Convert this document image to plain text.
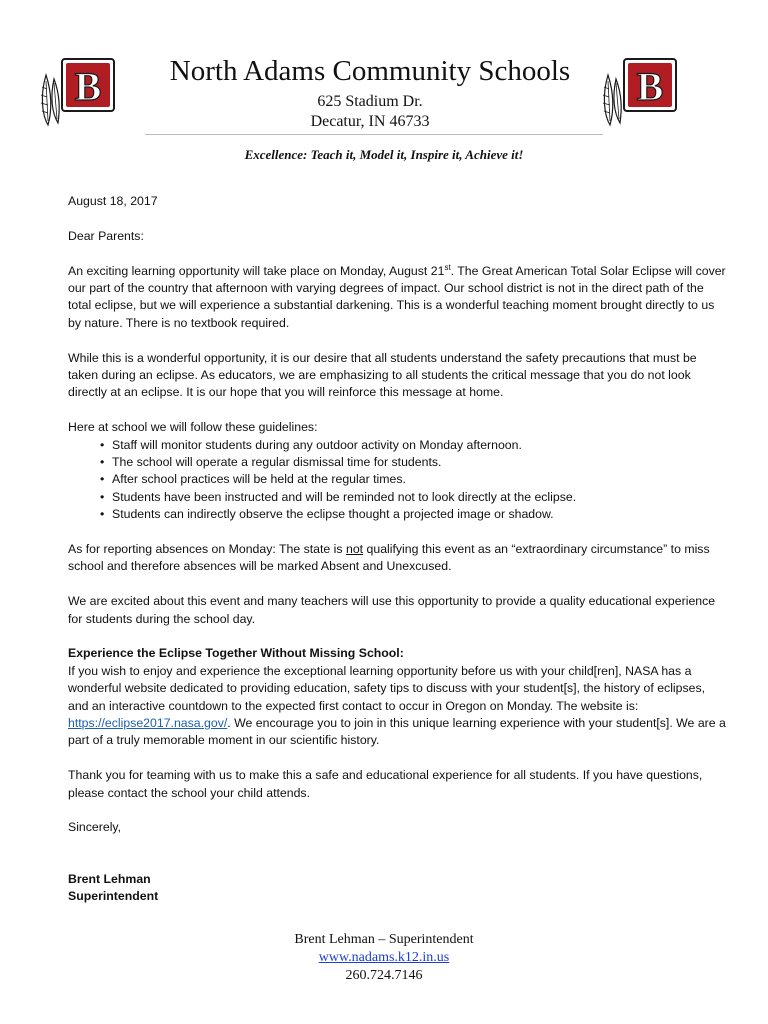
B	B
North Adams Community Schools
625 Stadium Dr.
Decatur, IN 46733
Excellence: Teach it, Model it, Inspire it, Achieve it!

August 18, 2017

Dear Parents:

An exciting learning opportunity will take place on Monday, August 21st. The Great American Total Solar Eclipse will cover our part of the country that afternoon with varying degrees of impact. Our school district is not in the direct path of the total eclipse, but we will experience a substantial darkening. This is a wonderful teaching moment brought directly to us by nature. There is no textbook required.

While this is a wonderful opportunity, it is our desire that all students understand the safety precautions that must be taken during an eclipse. As educators, we are emphasizing to all students the critical message that you do not look directly at an eclipse. It is our hope that you will reinforce this message at home.

Here at school we will follow these guidelines:
• Staff will monitor students during any outdoor activity on Monday afternoon.
• The school will operate a regular dismissal time for students.
• After school practices will be held at the regular times.
• Students have been instructed and will be reminded not to look directly at the eclipse.
• Students can indirectly observe the eclipse thought a projected image or shadow.

As for reporting absences on Monday: The state is not qualifying this event as an “extraordinary circumstance” to miss school and therefore absences will be marked Absent and Unexcused.

We are excited about this event and many teachers will use this opportunity to provide a quality educational experience for students during the school day.

Experience the Eclipse Together Without Missing School:

If you wish to enjoy and experience the exceptional learning opportunity before us with your child[ren], NASA has a wonderful website dedicated to providing education, safety tips to discuss with your student[s], the history of eclipses, and an interactive countdown to the expected first contact to occur in Oregon on Monday. The website is: https://eclipse2017.nasa.gov/. We encourage you to join in this unique learning experience with your student[s]. We are a part of a truly memorable moment in our scientific history.

Thank you for teaming with us to make this a safe and educational experience for all students. If you have questions, please contact the school your child attends.

Sincerely,
Brent Lehman
Superintendent
Brent Lehman – Superintendent
www.nadams.k12.in.us
260.724.7146
